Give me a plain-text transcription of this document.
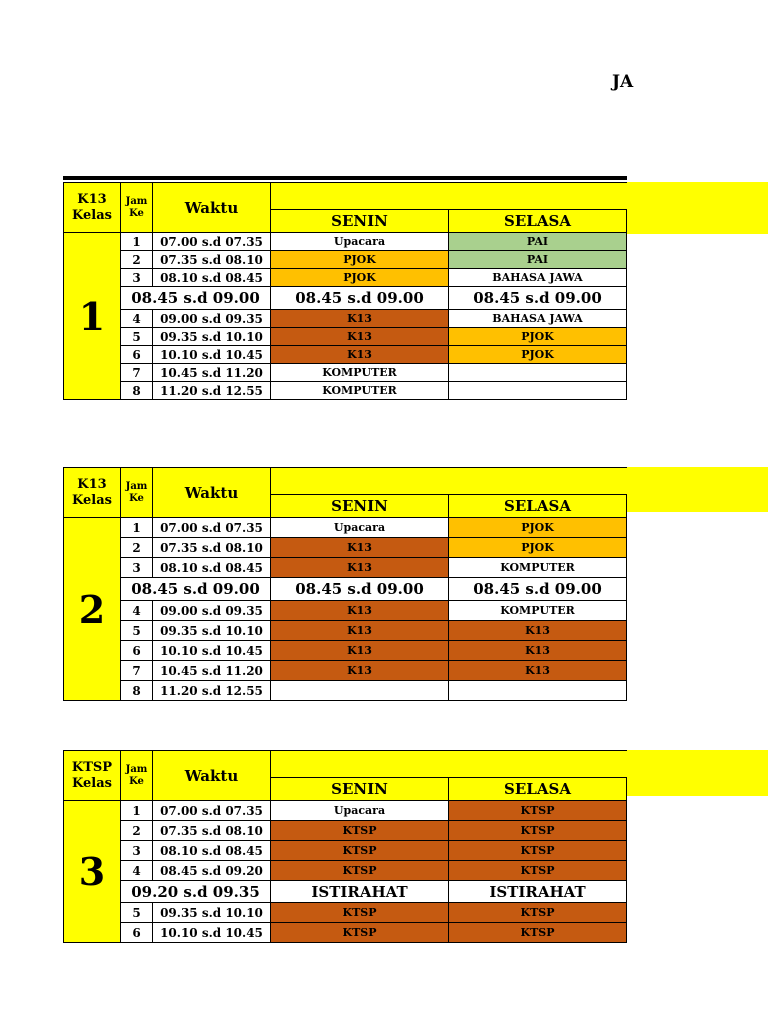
JA
K13
Kelas	Jam
Ke	Waktu		
			SENIN	SELASA
1	1	07.00 s.d 07.35	Upacara	PAI
	2	07.35 s.d 08.10	PJOK	PAI
	3	08.10 s.d 08.45	PJOK	BAHASA JAWA
	08.45 s.d 09.00		08.45 s.d 09.00	08.45 s.d 09.00
	4	09.00 s.d 09.35	K13	BAHASA JAWA
	5	09.35 s.d 10.10	K13	PJOK
	6	10.10 s.d 10.45	K13	PJOK
	7	10.45 s.d 11.20	KOMPUTER	
	8	11.20 s.d 12.55	KOMPUTER	
K13
Kelas	Jam
Ke	Waktu		
			SENIN	SELASA
2	1	07.00 s.d 07.35	Upacara	PJOK
	2	07.35 s.d 08.10	K13	PJOK
	3	08.10 s.d 08.45	K13	KOMPUTER
	08.45 s.d 09.00		08.45 s.d 09.00	08.45 s.d 09.00
	4	09.00 s.d 09.35	K13	KOMPUTER
	5	09.35 s.d 10.10	K13	K13
	6	10.10 s.d 10.45	K13	K13
	7	10.45 s.d 11.20	K13	K13
	8	11.20 s.d 12.55		
KTSP
Kelas	Jam
Ke	Waktu		
			SENIN	SELASA
3	1	07.00 s.d 07.35	Upacara	KTSP
	2	07.35 s.d 08.10	KTSP	KTSP
	3	08.10 s.d 08.45	KTSP	KTSP
	4	08.45 s.d 09.20	KTSP	KTSP
	09.20 s.d 09.35		ISTIRAHAT	ISTIRAHAT
	5	09.35 s.d 10.10	KTSP	KTSP
	6	10.10 s.d 10.45	KTSP	KTSP
